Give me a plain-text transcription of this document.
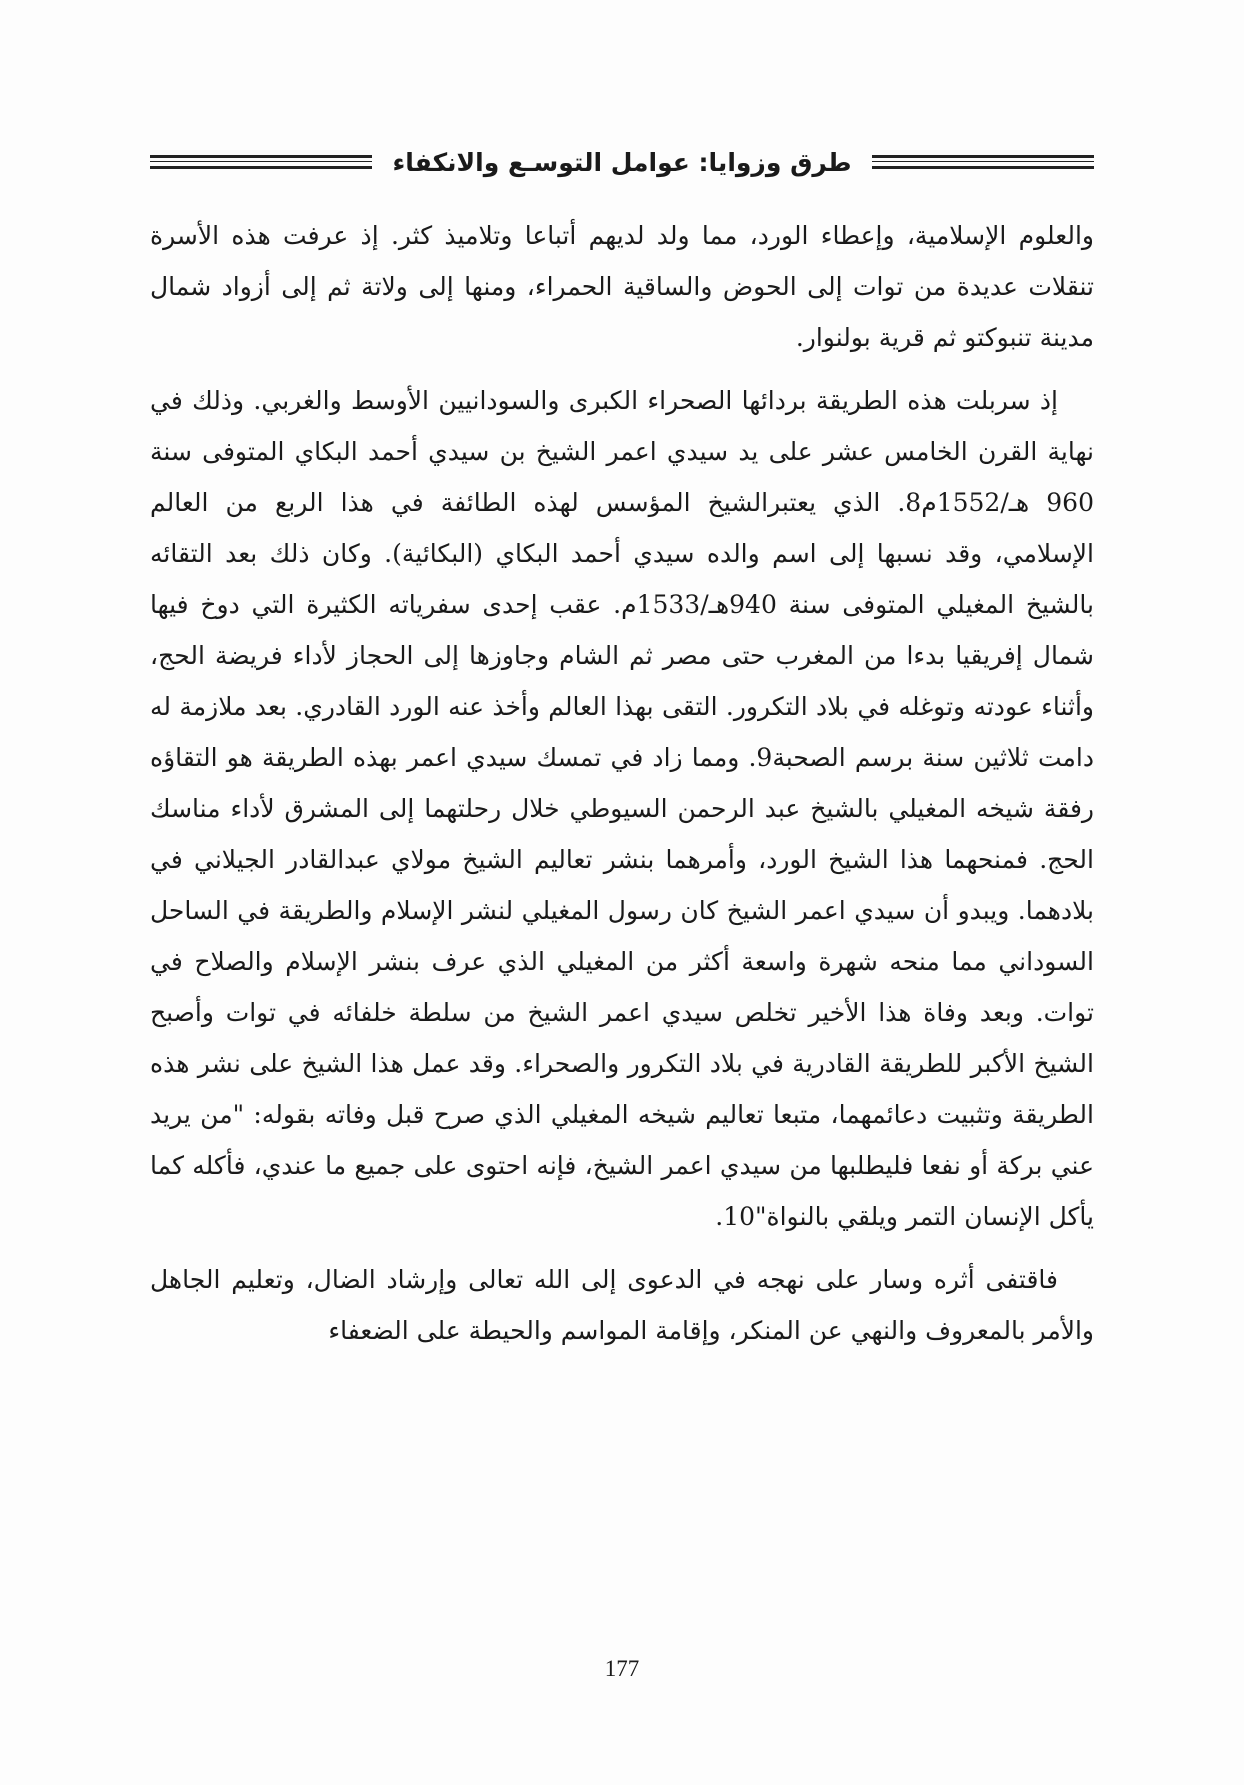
طرق وزوايا: عوامل التوسـع والانكفاء

والعلوم الإسلامية، وإعطاء الورد، مما ولد لديهم أتباعا وتلاميذ كثر. إذ عرفت هذه الأسرة تنقلات عديدة من توات إلى الحوض والساقية الحمراء، ومنها إلى ولاتة ثم إلى أزواد شمال مدينة تنبوكتو ثم قرية بولنوار.

إذ سربلت هذه الطريقة بردائها الصحراء الكبرى والسودانيين الأوسط والغربي. وذلك في نهاية القرن الخامس عشر على يد سيدي اعمر الشيخ بن سيدي أحمد البكاي المتوفى سنة 960 هـ/1552م8. الذي يعتبرالشيخ المؤسس لهذه الطائفة في هذا الربع من العالم الإسلامي، وقد نسبها إلى اسم والده سيدي أحمد البكاي (البكائية). وكان ذلك بعد التقائه بالشيخ المغيلي المتوفى سنة 940هـ/1533م. عقب إحدى سفرياته الكثيرة التي دوخ فيها شمال إفريقيا بدءا من المغرب حتى مصر ثم الشام وجاوزها إلى الحجاز لأداء فريضة الحج، وأثناء عودته وتوغله في بلاد التكرور. التقى بهذا العالم وأخذ عنه الورد القادري. بعد ملازمة له دامت ثلاثين سنة برسم الصحبة9. ومما زاد في تمسك سيدي اعمر بهذه الطريقة هو التقاؤه رفقة شيخه المغيلي بالشيخ عبد الرحمن السيوطي خلال رحلتهما إلى المشرق لأداء مناسك الحج. فمنحهما هذا الشيخ الورد، وأمرهما بنشر تعاليم الشيخ مولاي عبدالقادر الجيلاني في بلادهما. ويبدو أن سيدي اعمر الشيخ كان رسول المغيلي لنشر الإسلام والطريقة في الساحل السوداني مما منحه شهرة واسعة أكثر من المغيلي الذي عرف بنشر الإسلام والصلاح في توات. وبعد وفاة هذا الأخير تخلص سيدي اعمر الشيخ من سلطة خلفائه في توات وأصبح الشيخ الأكبر للطريقة القادرية في بلاد التكرور والصحراء. وقد عمل هذا الشيخ على نشر هذه الطريقة وتثبيت دعائمهما، متبعا تعاليم شيخه المغيلي الذي صرح قبل وفاته بقوله: "من يريد عني بركة أو نفعا فليطلبها من سيدي اعمر الشيخ، فإنه احتوى على جميع ما عندي، فأكله كما يأكل الإنسان التمر ويلقي بالنواة"10.

فاقتفى أثره وسار على نهجه في الدعوى إلى الله تعالى وإرشاد الضال، وتعليم الجاهل والأمر بالمعروف والنهي عن المنكر، وإقامة المواسم والحيطة على الضعفاء

177
